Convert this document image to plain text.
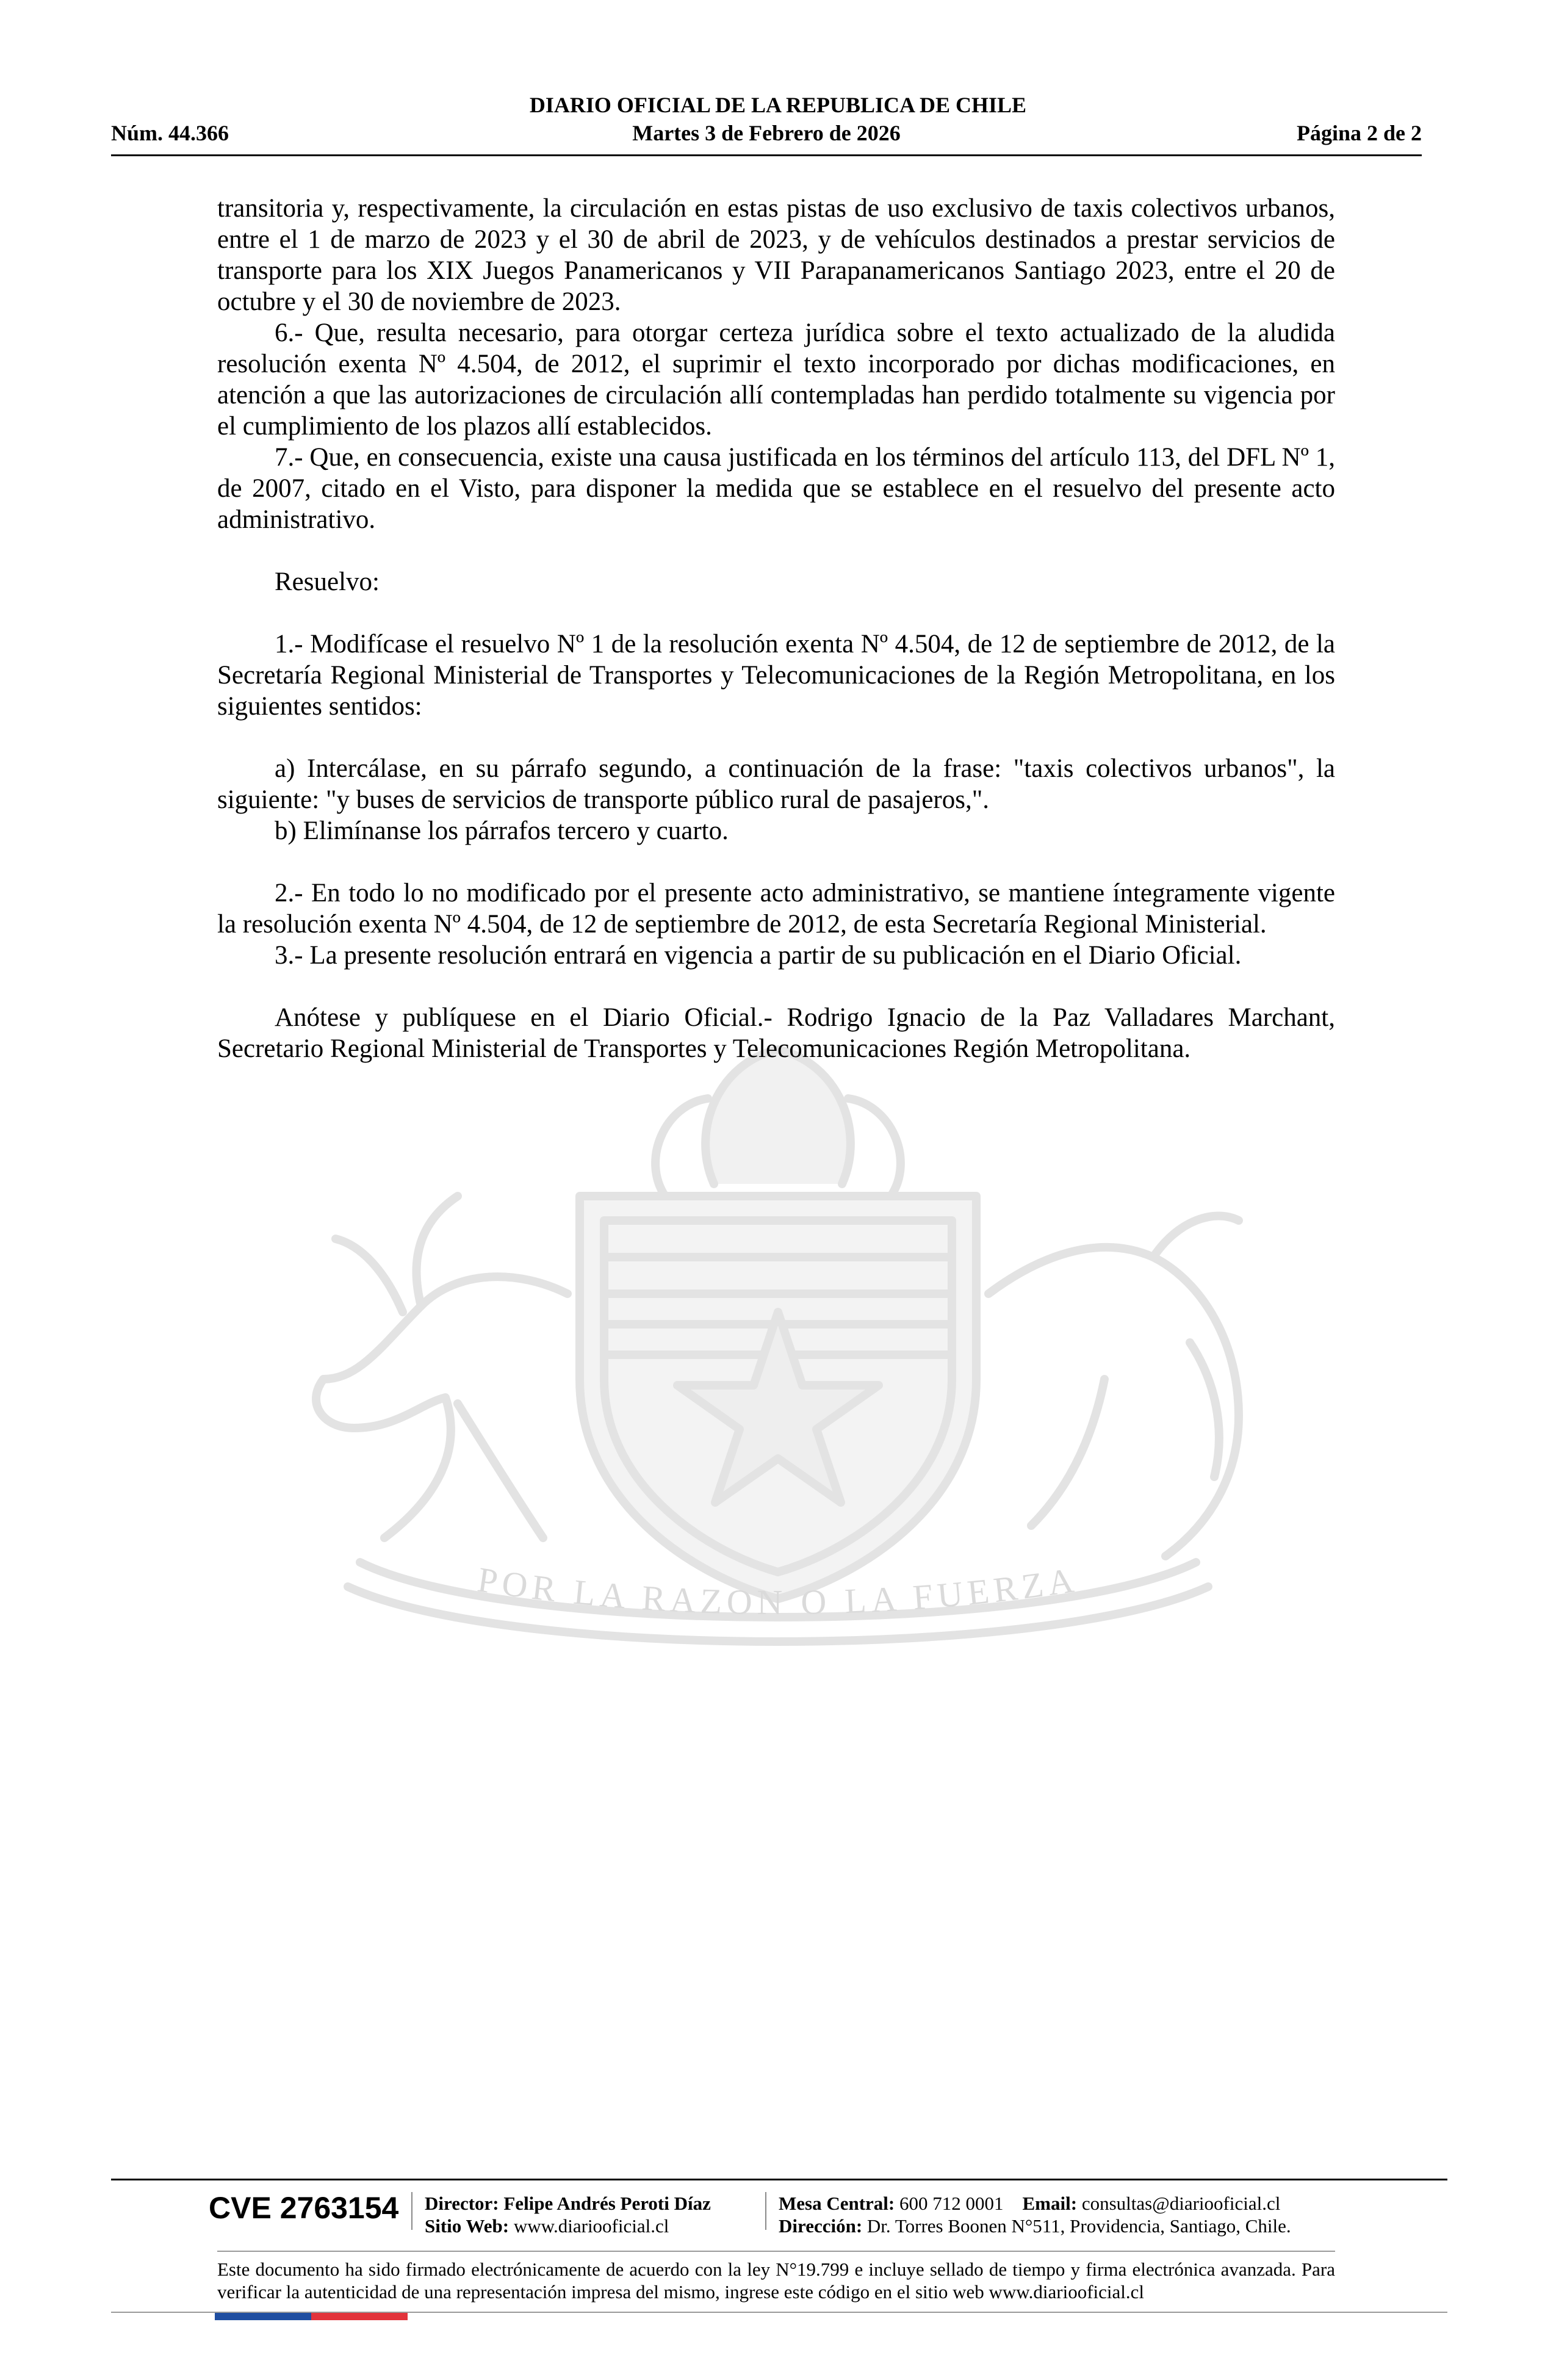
DIARIO OFICIAL DE LA REPUBLICA DE CHILE
Núm. 44.366	Martes 3 de Febrero de 2026	Página 2 de 2
POR LA RAZON O LA FUERZA

transitoria y, respectivamente, la circulación en estas pistas de uso exclusivo de taxis colectivos urbanos, entre el 1 de marzo de 2023 y el 30 de abril de 2023, y de vehículos destinados a prestar servicios de transporte para los XIX Juegos Panamericanos y VII Parapanamericanos Santiago 2023, entre el 20 de octubre y el 30 de noviembre de 2023.

6.- Que, resulta necesario, para otorgar certeza jurídica sobre el texto actualizado de la aludida resolución exenta Nº 4.504, de 2012, el suprimir el texto incorporado por dichas modificaciones, en atención a que las autorizaciones de circulación allí contempladas han perdido totalmente su vigencia por el cumplimiento de los plazos allí establecidos.

7.- Que, en consecuencia, existe una causa justificada en los términos del artículo 113, del DFL Nº 1, de 2007, citado en el Visto, para disponer la medida que se establece en el resuelvo del presente acto administrativo.

Resuelvo:

1.- Modifícase el resuelvo Nº 1 de la resolución exenta Nº 4.504, de 12 de septiembre de 2012, de la Secretaría Regional Ministerial de Transportes y Telecomunicaciones de la Región Metropolitana, en los siguientes sentidos:

a) Intercálase, en su párrafo segundo, a continuación de la frase: "taxis colectivos urbanos", la siguiente: "y buses de servicios de transporte público rural de pasajeros,".

b) Elimínanse los párrafos tercero y cuarto.

2.- En todo lo no modificado por el presente acto administrativo, se mantiene íntegramente vigente la resolución exenta Nº 4.504, de 12 de septiembre de 2012, de esta Secretaría Regional Ministerial.

3.- La presente resolución entrará en vigencia a partir de su publicación en el Diario Oficial.

Anótese y publíquese en el Diario Oficial.- Rodrigo Ignacio de la Paz Valladares Marchant, Secretario Regional Ministerial de Transportes y Telecomunicaciones Región Metropolitana.

CVE 2763154 Director: Felipe Andrés Peroti Díaz
Sitio Web: www.diariooficial.cl
Mesa Central: 600 712 0001 Email: consultas@diariooficial.cl
Dirección: Dr. Torres Boonen N°511, Providencia, Santiago, Chile.
Este documento ha sido firmado electrónicamente de acuerdo con la ley N°19.799 e incluye sellado de tiempo y firma electrónica avanzada. Para verificar la autenticidad de una representación impresa del mismo, ingrese este código en el sitio web www.diariooficial.cl
